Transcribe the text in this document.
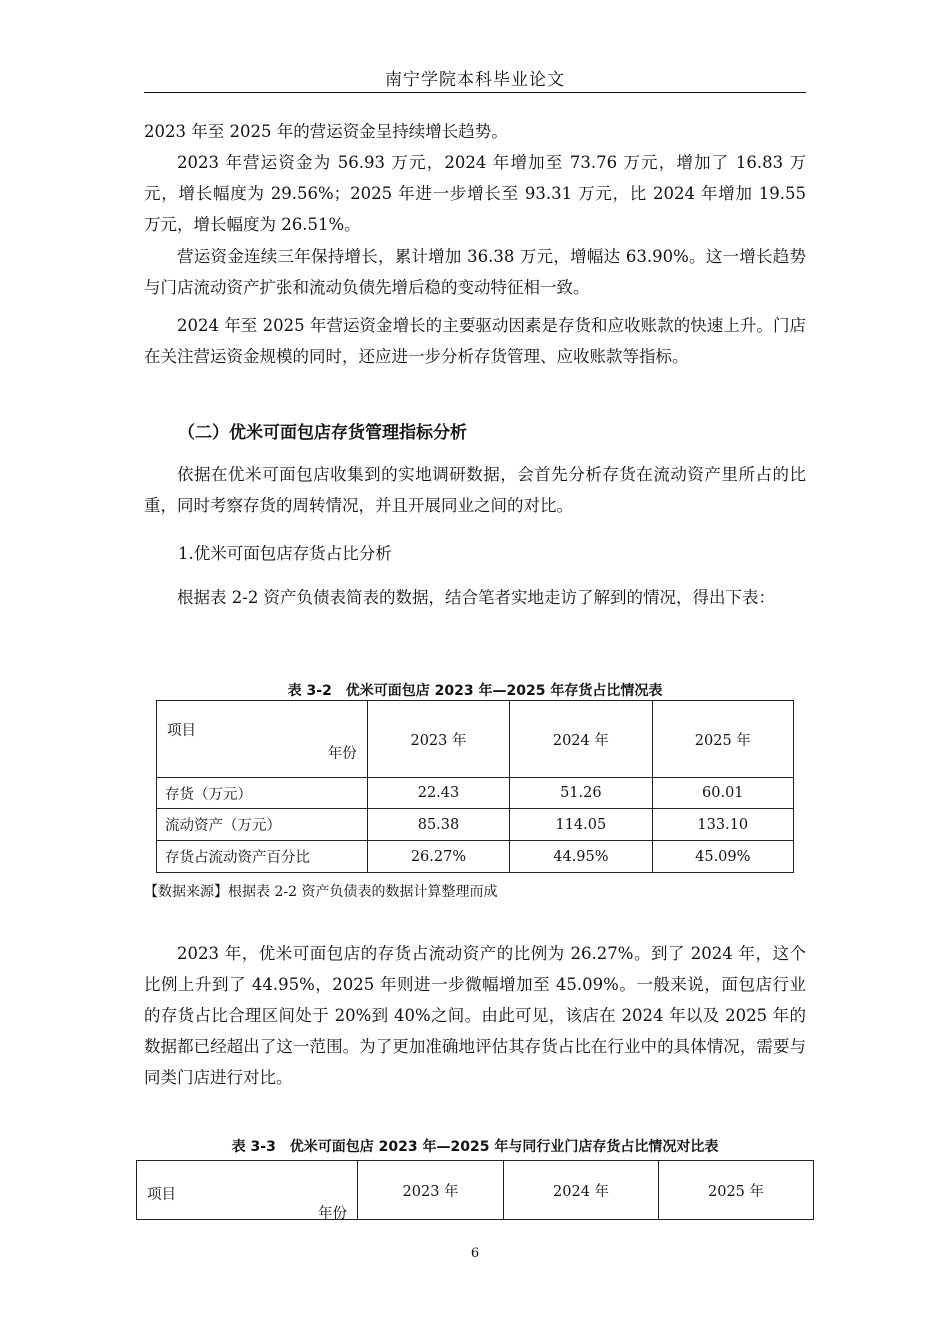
南宁学院本科毕业论文

2023 年至 2025 年的营运资金呈持续增长趋势。

2023 年营运资金为 56.93 万元，2024 年增加至 73.76 万元，增加了 16.83 万元，增长幅度为 29.56%；2025 年进一步增长至 93.31 万元，比 2024 年增加 19.55 万元，增长幅度为 26.51%。

营运资金连续三年保持增长，累计增加 36.38 万元，增幅达 63.90%。这一增长趋势与门店流动资产扩张和流动负债先增后稳的变动特征相一致。

2024 年至 2025 年营运资金增长的主要驱动因素是存货和应收账款的快速上升。门店在关注营运资金规模的同时，还应进一步分析存货管理、应收账款等指标。

（二）优米可面包店存货管理指标分析

依据在优米可面包店收集到的实地调研数据，会首先分析存货在流动资产里所占的比重，同时考察存货的周转情况，并且开展同业之间的对比。

1.优米可面包店存货占比分析

根据表 2-2 资产负债表简表的数据，结合笔者实地走访了解到的情况，得出下表：

表 3-2　优米可面包店 2023 年—2025 年存货占比情况表
项目
年份	2023 年	2024 年	2025 年
存货（万元）	22.43	51.26	60.01
流动资产（万元）	85.38	114.05	133.10
存货占流动资产百分比	26.27%	44.95%	45.09%
【数据来源】根据表 2-2 资产负债表的数据计算整理而成

2023 年，优米可面包店的存货占流动资产的比例为 26.27%。到了 2024 年，这个比例上升到了 44.95%，2025 年则进一步微幅增加至 45.09%。一般来说，面包店行业的存货占比合理区间处于 20%到 40%之间。由此可见，该店在 2024 年以及 2025 年的数据都已经超出了这一范围。为了更加准确地评估其存货占比在行业中的具体情况，需要与同类门店进行对比。

表 3-3　优米可面包店 2023 年—2025 年与同行业门店存货占比情况对比表
项目
年份
	2023 年	2024 年	2025 年
6
